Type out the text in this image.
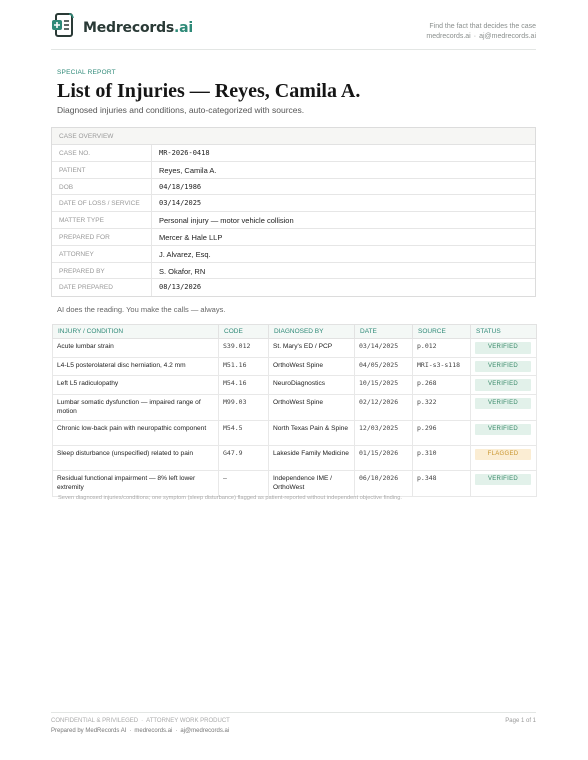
Medrecords.ai	Find the fact that decides the case
medrecords.ai · aj@medrecords.ai
SPECIAL REPORT
List of Injuries — Reyes, Camila A.
Diagnosed injuries and conditions, auto-categorized with sources.
CASE OVERVIEW
CASE NO.	MR-2026-0418
PATIENT	Reyes, Camila A.
DOB	04/18/1986
DATE OF LOSS / SERVICE	03/14/2025
MATTER TYPE	Personal injury — motor vehicle collision
PREPARED FOR	Mercer & Hale LLP
ATTORNEY	J. Alvarez, Esq.
PREPARED BY	S. Okafor, RN
DATE PREPARED	08/13/2026
AI does the reading. You make the calls — always.
INJURY / CONDITION	CODE	DIAGNOSED BY	DATE	SOURCE	STATUS
Acute lumbar strain	S39.012	St. Mary's ED / PCP	03/14/2025	p.012	VERIFIED

L4-L5 posterolateral disc herniation, 4.2 mm	M51.16	OrthoWest Spine	04/05/2025	MRI-s3-s118	VERIFIED

Left L5 radiculopathy	M54.16	NeuroDiagnostics	10/15/2025	p.268	VERIFIED

Lumbar somatic dysfunction — impaired range of motion	M99.03	OrthoWest Spine	02/12/2026	p.322	VERIFIED

Chronic low-back pain with neuropathic component	M54.5	North Texas Pain & Spine	12/03/2025	p.296	VERIFIED

Sleep disturbance (unspecified) related to pain	G47.9	Lakeside Family Medicine	01/15/2026	p.310	FLAGGED

Residual functional impairment — 8% left lower extremity	—	Independence IME / OrthoWest	06/10/2026	p.348	VERIFIED
Seven diagnosed injuries/conditions; one symptom (sleep disturbance) flagged as patient-reported without independent objective finding.
CONFIDENTIAL & PRIVILEGED · ATTORNEY WORK PRODUCT
Prepared by MedRecords AI · medrecords.ai · aj@medrecords.ai
Page 1 of 1
